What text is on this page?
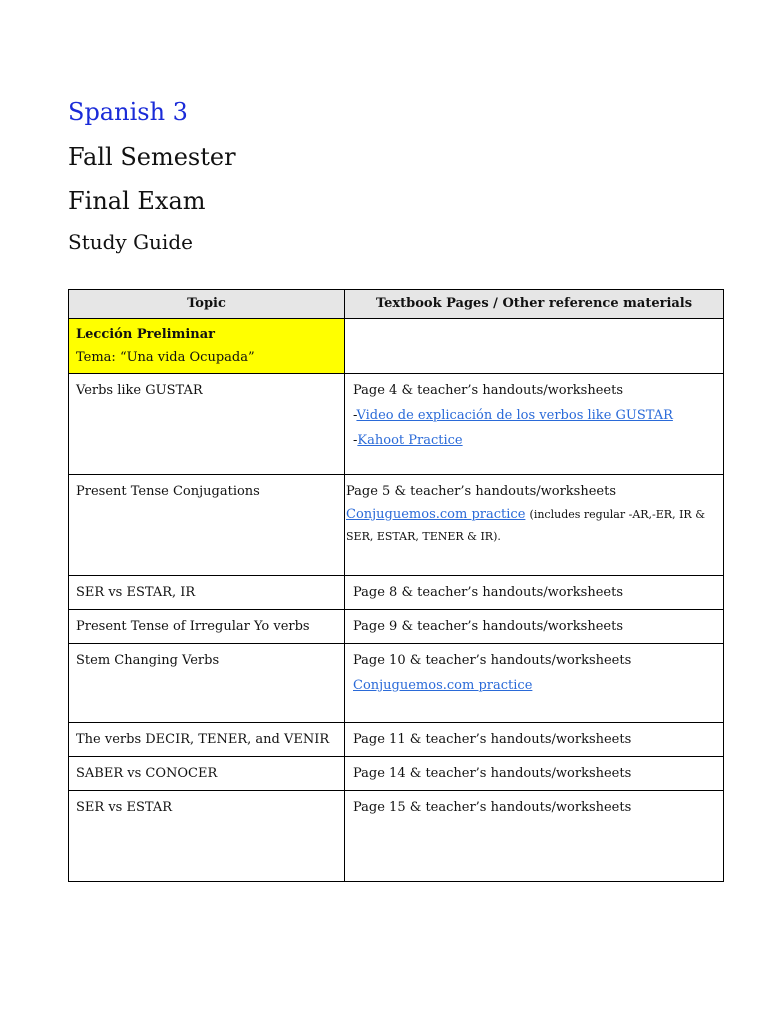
Spanish 3
Fall Semester
Final Exam
Study Guide
Topic	Textbook Pages / Other reference materials

Lección Preliminar
Tema: “Una vida Ocupada”	

Verbs like GUSTAR	Page 4 & teacher’s handouts/worksheets
-Video de explicación de los verbos like GUSTAR
-Kahoot Practice

Present Tense Conjugations	Page 5 & teacher’s handouts/worksheets
Conjuguemos.com practice (includes regular -AR,-ER, IR & SER, ESTAR, TENER & IR).

SER vs ESTAR, IR	Page 8 & teacher’s handouts/worksheets
Present Tense of Irregular Yo verbs	Page 9 & teacher’s handouts/worksheets
Stem Changing Verbs	Page 10 & teacher’s handouts/worksheets
Conjuguemos.com practice

The verbs DECIR, TENER, and VENIR	Page 11 & teacher’s handouts/worksheets
SABER vs CONOCER	Page 14 & teacher’s handouts/worksheets
SER vs ESTAR	Page 15 & teacher’s handouts/worksheets
